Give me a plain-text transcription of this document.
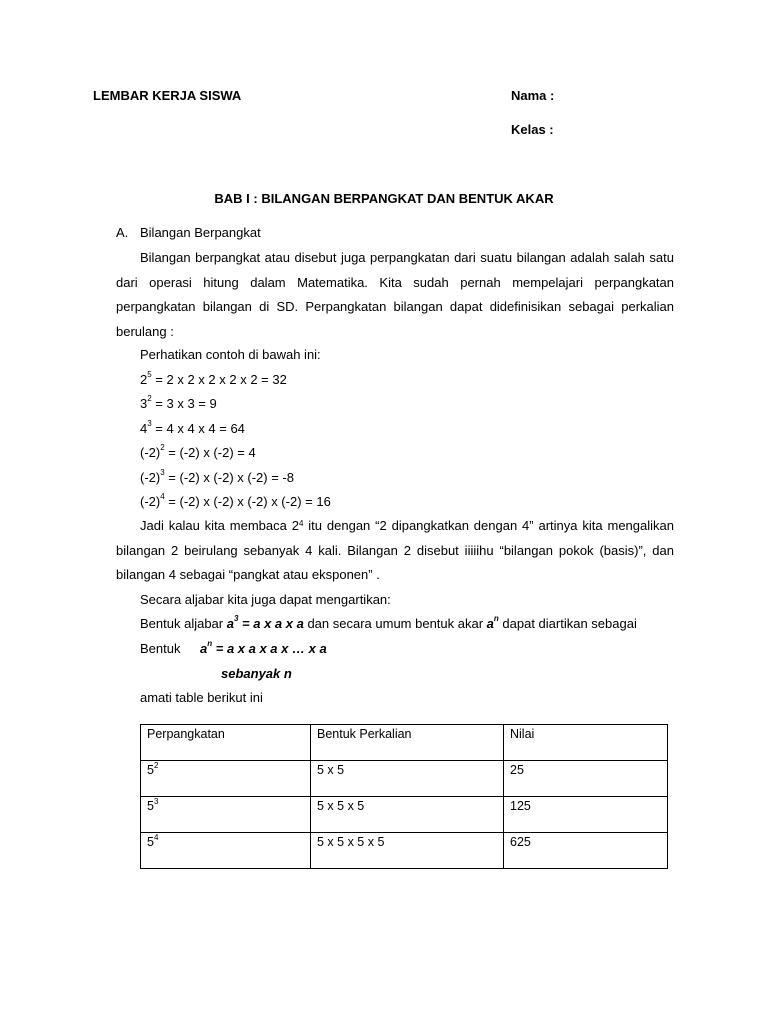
LEMBAR KERJA SISWA	Nama :
Kelas :
BAB I : BILANGAN BERPANGKAT DAN BENTUK AKAR
A. Bilangan Berpangkat
Bilangan berpangkat atau disebut juga perpangkatan dari suatu bilangan adalah salah satu dari operasi hitung dalam Matematika. Kita sudah pernah mempelajari perpangkatan perpangkatan bilangan di SD. Perpangkatan bilangan dapat didefinisikan sebagai perkalian berulang :
Perhatikan contoh di bawah ini:
$2^5 = 2$ x 2 x 2 x 2 x 2 = 32
$3^2 = 3$ x 3 = 9
$4^3 = 4$ x 4 x 4 = 64
$(-2)^2 = (-2)$ x (-2) = 4
$(-2)^3 = (-2)$ x (-2) x (-2) = -8
$(-2)^4 = (-2)$ x (-2) x (-2) x (-2) = 16
Jadi kalau kita membaca $2^4$ itu dengan “2 dipangkatkan dengan 4” artinya kita mengalikan bilangan 2 beirulang sebanyak 4 kali. Bilangan 2 disebut iiiiihu “bilangan pokok (basis)”, dan bilangan 4 sebagai “pangkat atau eksponen” .
Secara aljabar kita juga dapat mengartikan:
Bentuk aljabar $a^3 = a$ x a x a dan secara umum bentuk akar $a^n$ dapat diartikan sebagai
Bentuk $a^n = a$ x a x a x … x a
sebanyak n
amati table berikut ini
Perpangkatan	Bentuk Perkalian	Nilai
$5^2$	5 x 5	25
$5^3$	5 x 5 x 5	125
$5^4$	5 x 5 x 5 x 5	625
